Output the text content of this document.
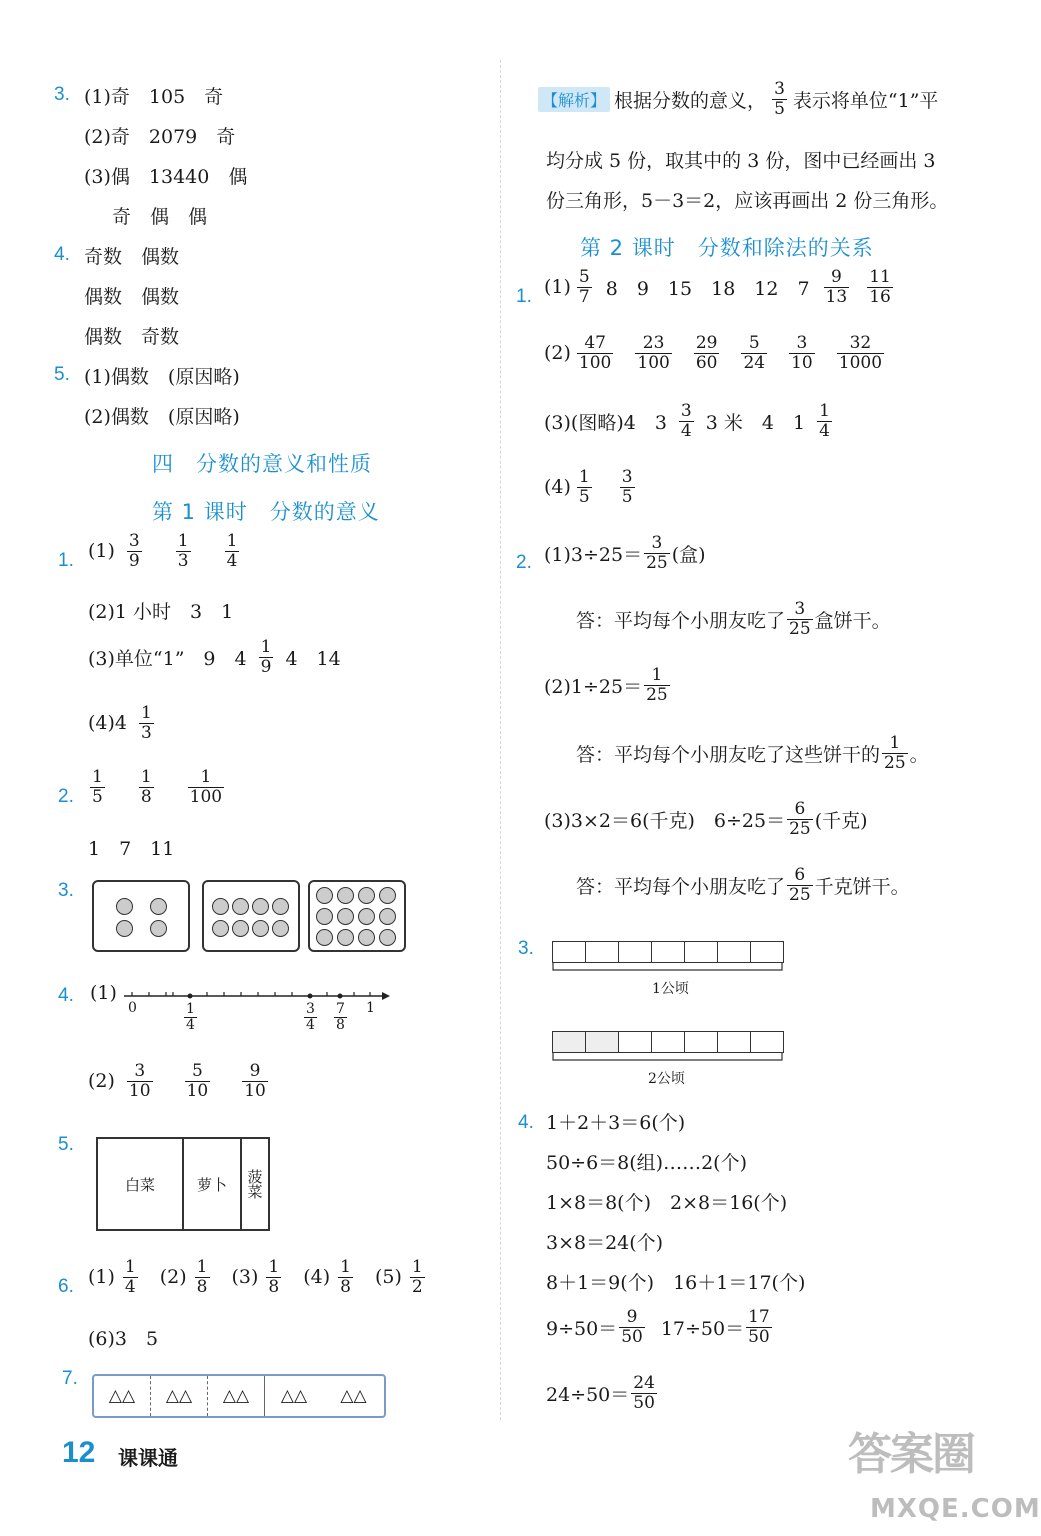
3. (1)奇　105　奇
(2)奇　2079　奇
(3)偶　13440　偶
奇　偶　偶
4. 奇数　偶数
偶数　偶数
偶数　奇数
5. (1)偶数　(原因略)
(2)偶数　(原因略)
四　分数的意义和性质
第 1 课时　分数的意义
1. $(1) \frac{3}{9} \frac{1}{3} \frac{1}{4}$
(2)1 小时　3　1
(3)单位“1”　9　$4 \frac{1}{9} 4$　14
$(4)4 \frac{1}{3}$
2. $\frac{1}{5} \frac{1}{8} \frac{1}{100}$
1　7　11
3.
4. (1)
0	1
$\frac{1}{4}$	$\frac{3}{4} \frac{7}{8}$
$(2) \frac{3}{10} \frac{5}{10} \frac{9}{10}$
5.
白菜	萝卜	菠菜
6. $(1) \frac{1}{4} (2) \frac{1}{8} (3) \frac{1}{8} (4) \frac{1}{8} (5) \frac{1}{2}$
(6)3　5
7.
△△	△△	△△	△△	△△
【解析】 根据分数的意义， $\frac{3}{5}$ 表示将单位“1”平
均分成 5 份，取其中的 3 份，图中已经画出 3
份三角形，5－3＝2，应该再画出 2 份三角形。
第 2 课时　分数和除法的关系
1. $(1) \frac{5}{7} 8$　9　15　18　12　$7 \frac{9}{13} \frac{11}{16}$
$(2) \frac{47}{100} \frac{23}{100} \frac{29}{60} \frac{5}{24} \frac{3}{10} \frac{32}{1000}$
(3)(图略)4　$3 \frac{3}{4} 3$ 米　4　$1 \frac{1}{4}$
$(4) \frac{1}{5} \frac{3}{5}$
2. $(1)3\div 25= \frac{3}{25}$ (盒)
答：平均每个小朋友吃了 $\frac{3}{25}$ 盒饼干。
$(2)1\div 25= \frac{1}{25}$
答：平均每个小朋友吃了这些饼干的 $\frac{1}{25}$ 。
(3)3×2＝6(千克)　$6\div 25= \frac{6}{25}$ (千克)
答：平均每个小朋友吃了 $\frac{6}{25}$ 千克饼干。
3.
1公顷
2公顷
4. 1＋2＋3＝6(个)
50÷6＝8(组)……2(个)
1×8＝8(个)　2×8＝16(个)
3×8＝24(个)
8＋1＝9(个)　16＋1＝17(个)
$9\div 50= \frac{9}{50} 17\div 50= \frac{17}{50}$
$24\div 50= \frac{24}{50}$
12 课课通	答案圈
MXQE.COM
